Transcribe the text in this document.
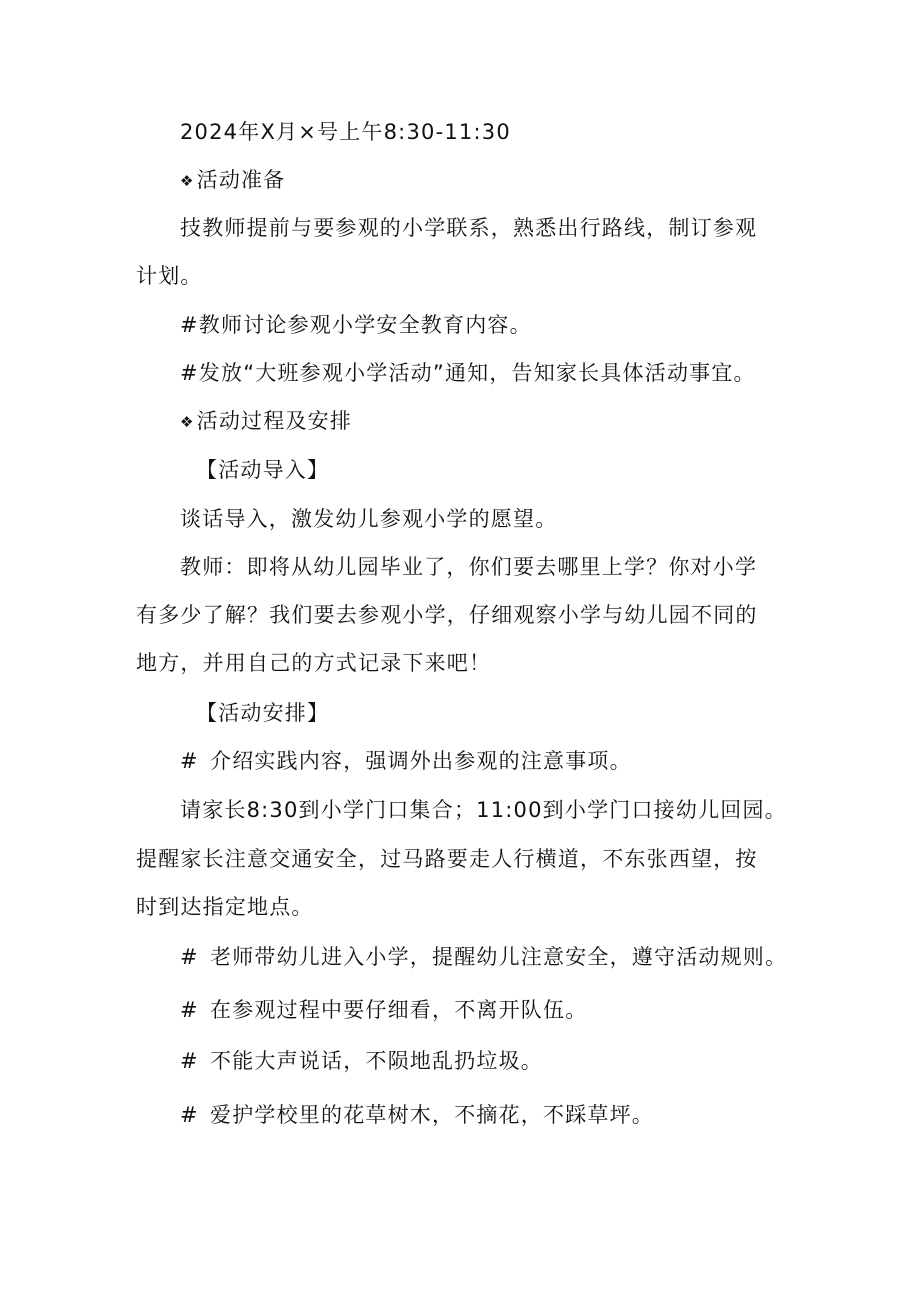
2024年X月×号上午8:30-11:30
❖活动准备
技教师提前与要参观的小学联系，熟悉出行路线，制订参观
计划。
#教师讨论参观小学安全教育内容。
#发放“大班参观小学活动”通知，告知家长具体活动事宜。
❖活动过程及安排
【活动导入】
谈话导入，激发幼儿参观小学的愿望。
教师：即将从幼儿园毕业了，你们要去哪里上学？你对小学
有多少了解？我们要去参观小学，仔细观察小学与幼儿园不同的
地方，并用自己的方式记录下来吧！
【活动安排】
# 介绍实践内容，强调外出参观的注意事项。
请家长8:30到小学门口集合；11:00到小学门口接幼儿回园。
提醒家长注意交通安全，过马路要走人行横道，不东张西望，按
时到达指定地点。
# 老师带幼儿进入小学，提醒幼儿注意安全，遵守活动规则。
# 在参观过程中要仔细看，不离开队伍。
# 不能大声说话，不陨地乱扔垃圾。
# 爱护学校里的花草树木，不摘花，不踩草坪。
